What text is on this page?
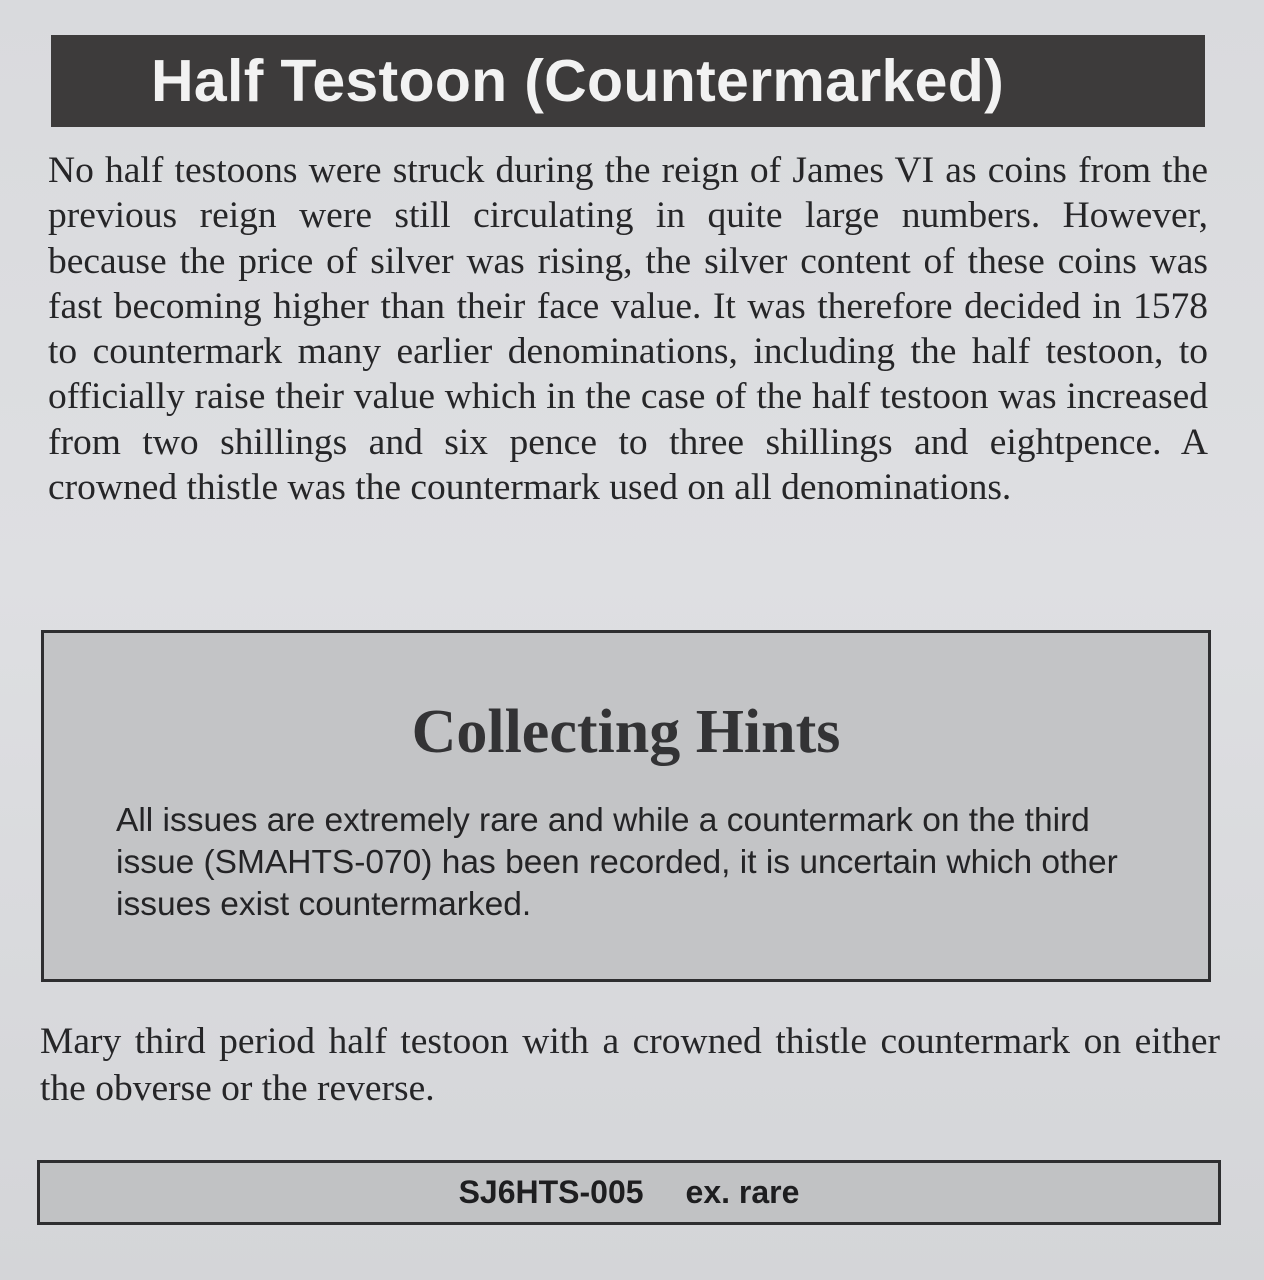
Half Testoon (Countermarked)

No half testoons were struck during the reign of James VI as coins from the previous reign were still circulating in quite large numbers. However, because the price of silver was rising, the silver content of these coins was fast becoming higher than their face value. It was therefore decided in 1578 to countermark many earlier denominations, including the half testoon, to officially raise their value which in the case of the half testoon was increased from two shillings and six pence to three shillings and eightpence. A crowned thistle was the countermark used on all denominations.

Collecting Hints

All issues are extremely rare and while a countermark on the third issue (SMAHTS-070) has been recorded, it is uncertain which other issues exist countermarked.

Mary third period half testoon with a crowned thistle countermark on either the obverse or the reverse.

SJ6HTS-005 ex. rare
